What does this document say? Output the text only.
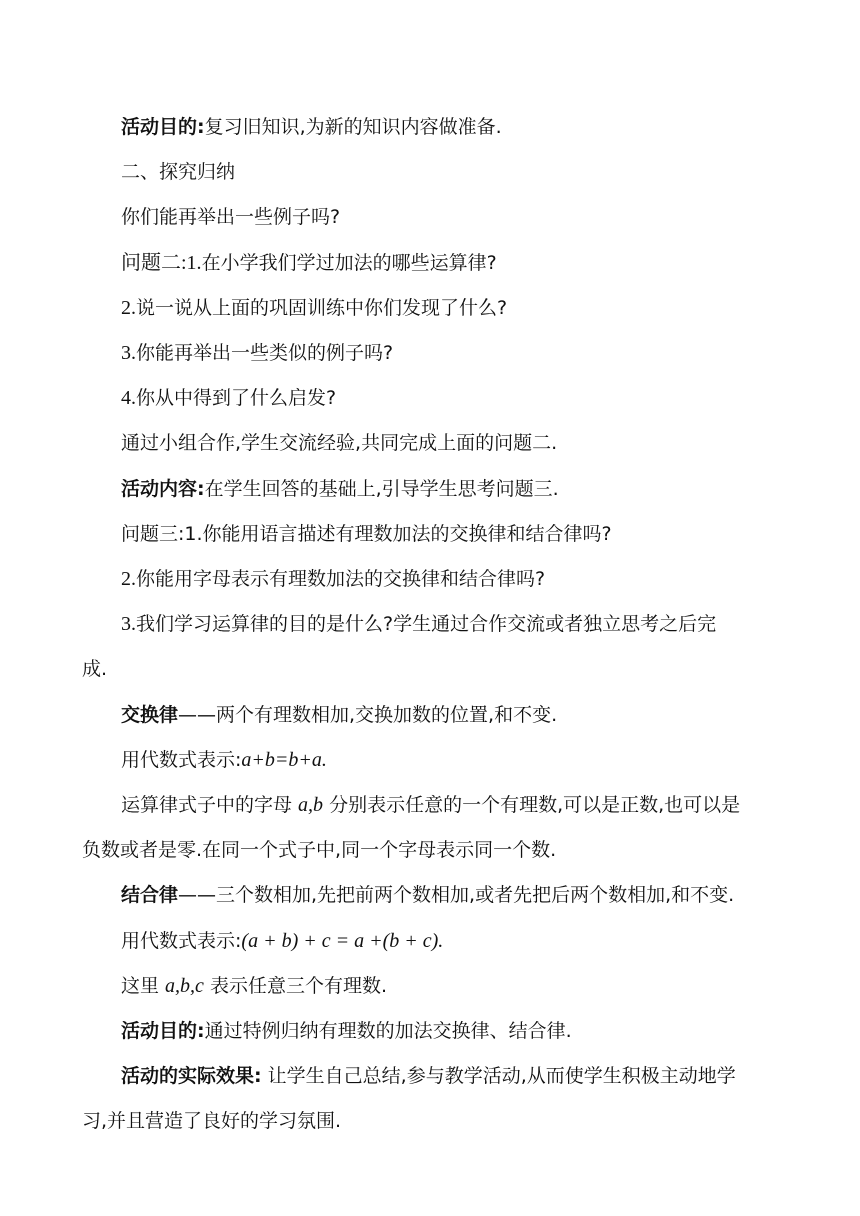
活动目的:复习旧知识,为新的知识内容做准备.
二、探究归纳
你们能再举出一些例子吗?
问题二:1.在小学我们学过加法的哪些运算律?
2.说一说从上面的巩固训练中你们发现了什么?
3.你能再举出一些类似的例子吗?
4.你从中得到了什么启发?
通过小组合作,学生交流经验,共同完成上面的问题二.
活动内容:在学生回答的基础上,引导学生思考问题三.
问题三:1.你能用语言描述有理数加法的交换律和结合律吗?
2.你能用字母表示有理数加法的交换律和结合律吗?
3.我们学习运算律的目的是什么?学生通过合作交流或者独立思考之后完
成.
交换律——两个有理数相加,交换加数的位置,和不变.
用代数式表示:a+b=b+a.
运算律式子中的字母 a,b 分别表示任意的一个有理数,可以是正数,也可以是
负数或者是零.在同一个式子中,同一个字母表示同一个数.
结合律——三个数相加,先把前两个数相加,或者先把后两个数相加,和不变.
用代数式表示:(a + b) + c = a +(b + c).
这里 a,b,c 表示任意三个有理数.
活动目的:通过特例归纳有理数的加法交换律、结合律.
活动的实际效果: 让学生自己总结,参与教学活动,从而使学生积极主动地学
习,并且营造了良好的学习氛围.
